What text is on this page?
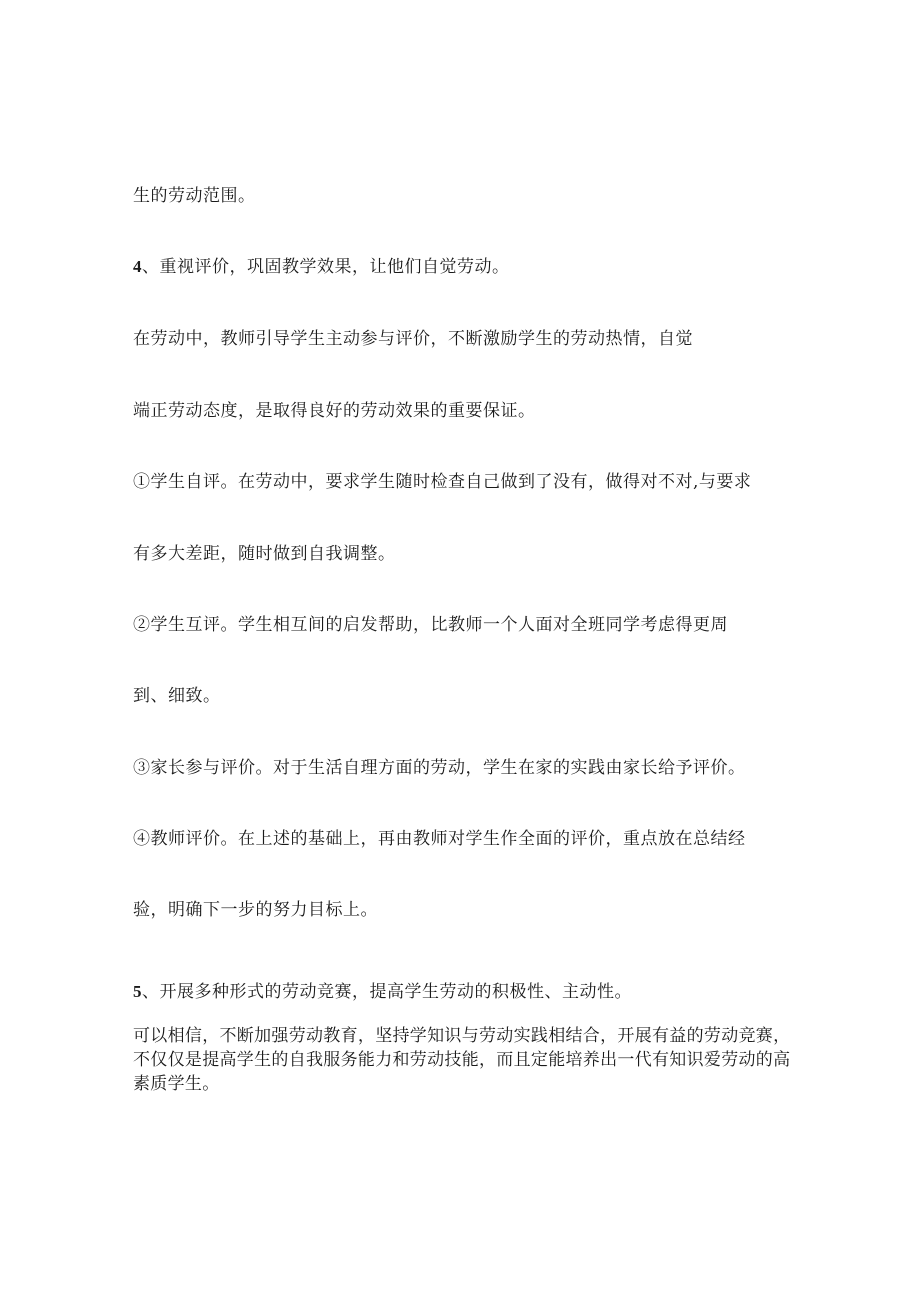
生的劳动范围。

4、重视评价，巩固教学效果，让他们自觉劳动。

在劳动中，教师引导学生主动参与评价，不断激励学生的劳动热情，自觉

端正劳动态度，是取得良好的劳动效果的重要保证。

①学生自评。在劳动中，要求学生随时检查自己做到了没有，做得对不对,与要求

有多大差距，随时做到自我调整。

②学生互评。学生相互间的启发帮助，比教师一个人面对全班同学考虑得更周

到、细致。

③家长参与评价。对于生活自理方面的劳动，学生在家的实践由家长给予评价。

④教师评价。在上述的基础上，再由教师对学生作全面的评价，重点放在总结经

验，明确下一步的努力目标上。

5、开展多种形式的劳动竞赛，提高学生劳动的积极性、主动性。

可以相信，不断加强劳动教育，坚持学知识与劳动实践相结合，开展有益的劳动竞赛，不仅仅是提高学生的自我服务能力和劳动技能，而且定能培养出一代有知识爱劳动的高素质学生。
